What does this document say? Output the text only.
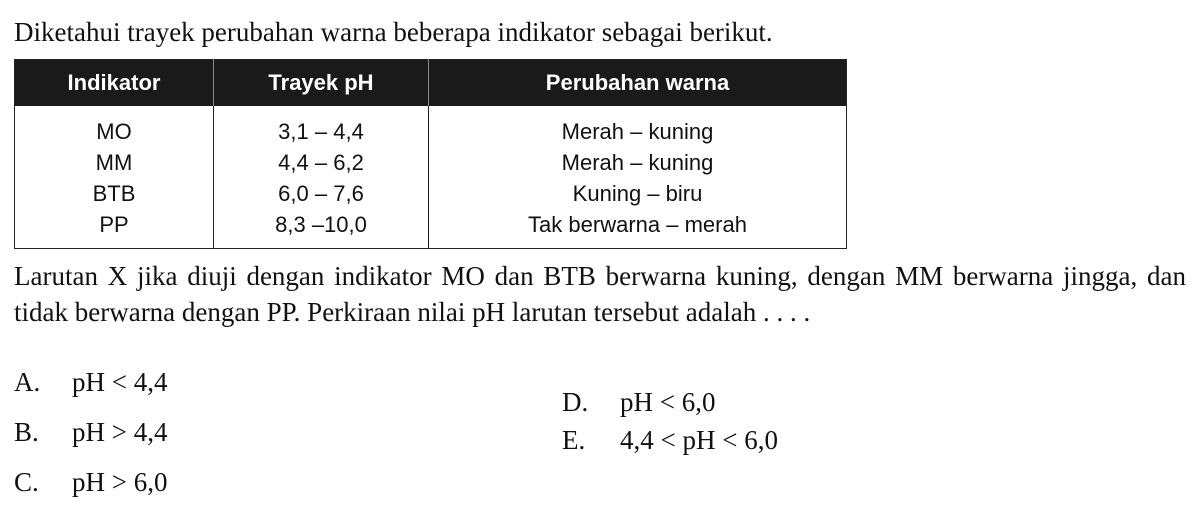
Diketahui trayek perubahan warna beberapa indikator sebagai berikut.

Indikator	Trayek pH	Perubahan warna
MO	3,1 – 4,4	Merah – kuning
MM	4,4 – 6,2	Merah – kuning
BTB	6,0 – 7,6	Kuning – biru
PP	8,3 –10,0	Tak berwarna – merah

Larutan X jika diuji dengan indikator MO dan BTB berwarna kuning, dengan MM berwarna jingga, dan tidak berwarna dengan PP. Perkiraan nilai pH larutan tersebut adalah . . . .

A. pH < 4,4

B. pH > 4,4

C. pH > 6,0

D. pH < 6,0

E. 4,4 < pH < 6,0
